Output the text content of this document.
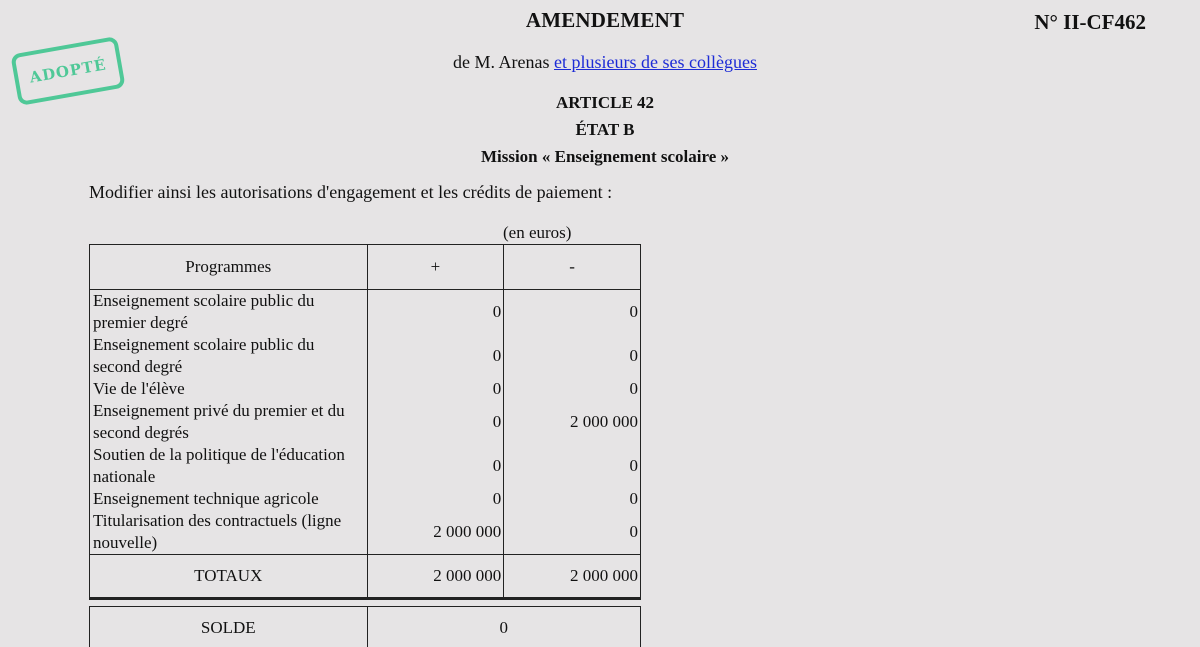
ADOPTÉ
AMENDEMENT	N° II-CF462
de M. Arenas et plusieurs de ses collègues
ARTICLE 42
ÉTAT B
Mission « Enseignement scolaire »
Modifier ainsi les autorisations d'engagement et les crédits de paiement :
(en euros)
Programmes	+	-
Enseignement scolaire public du premier degré	0	0
Enseignement scolaire public du second degré	0	0
Vie de l'élève	0	0
Enseignement privé du premier et du second degrés	0	2 000 000
Soutien de la politique de l'éducation nationale	0	0
Enseignement technique agricole	0	0
Titularisation des contractuels (ligne nouvelle)	2 000 000	0
TOTAUX	2 000 000	2 000 000

SOLDE	0	
